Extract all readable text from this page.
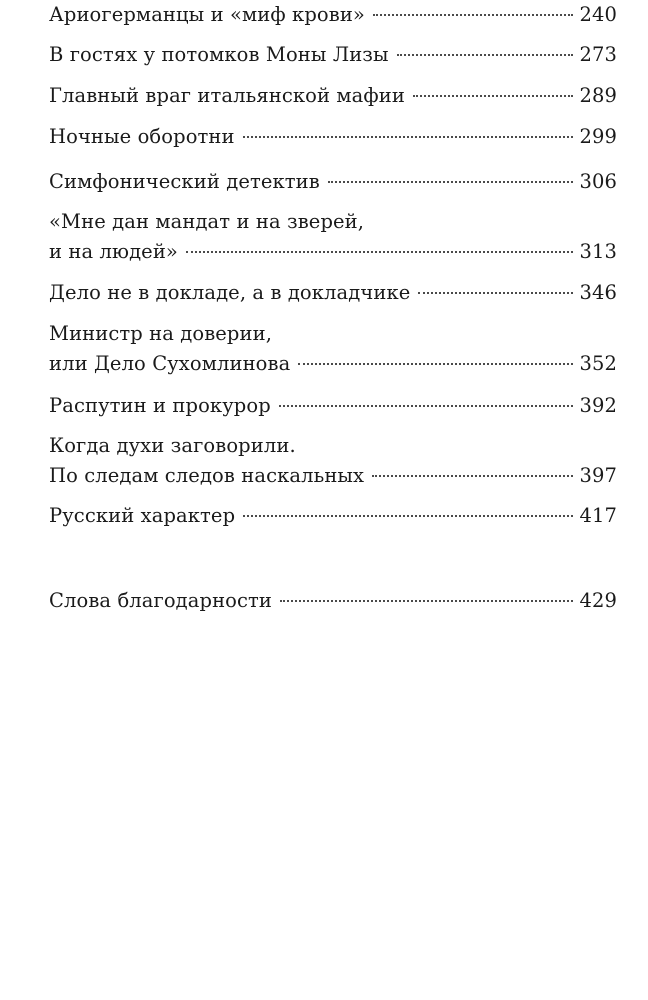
Ариогерманцы и «миф крови»	240
В гостях у потомков Моны Лизы	273
Главный враг итальянской мафии	289
Ночные оборотни	299
Симфонический детектив	306
«Мне дан мандат и на зверей,
и на людей»	313
Дело не в докладе, а в докладчике	346
Министр на доверии,
или Дело Сухомлинова	352
Распутин и прокурор	392
Когда духи заговорили.
По следам следов наскальных	397
Русский характер	417
Слова благодарности	429
